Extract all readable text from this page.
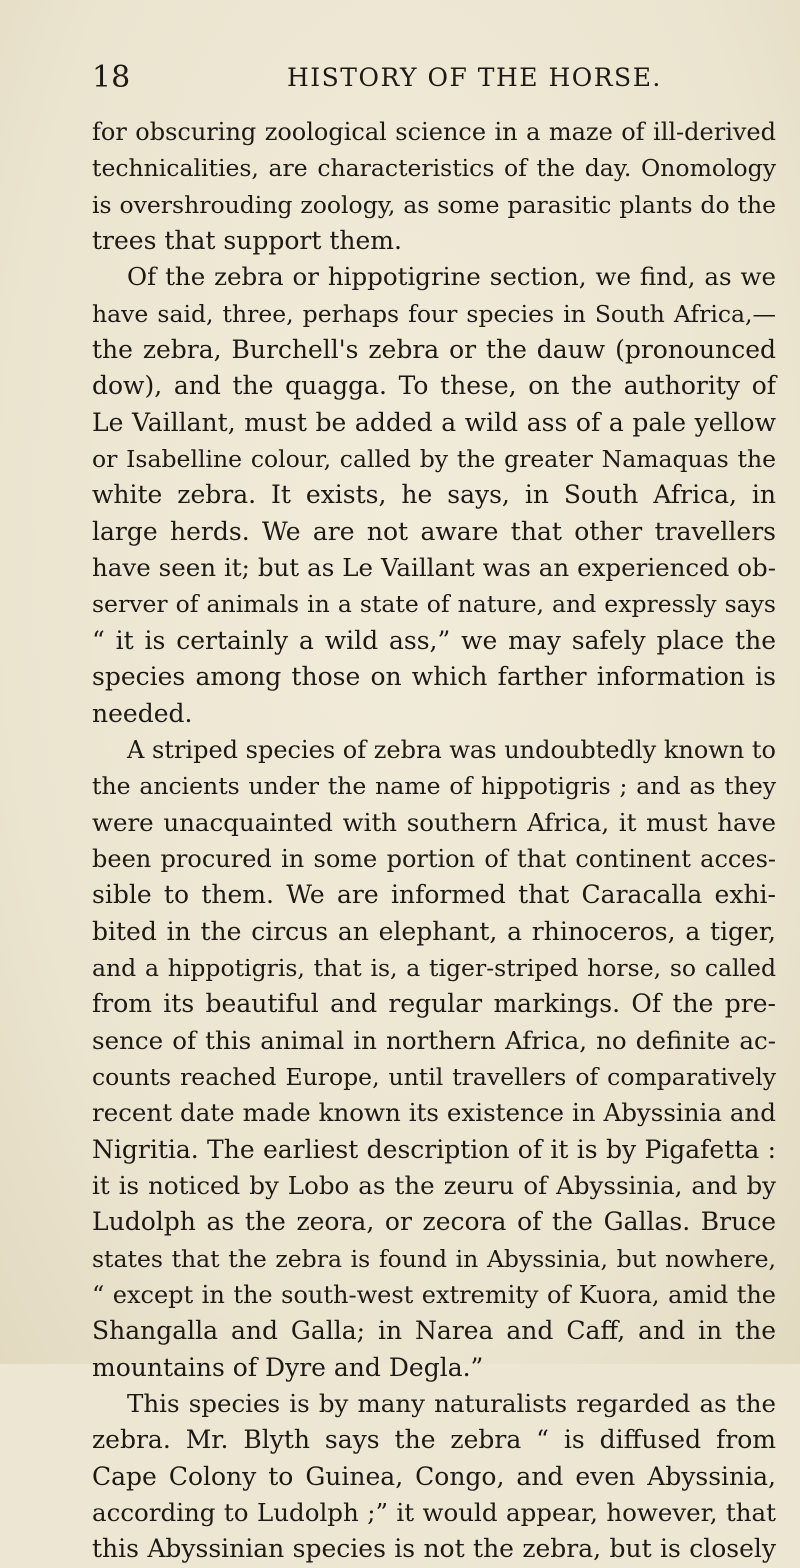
18	HISTORY OF THE HORSE.
for obscuring zoological science in a maze of ill-derived
technicalities, are characteristics of the day. Onomology
is overshrouding zoology, as some parasitic plants do the
trees that support them.
Of the zebra or hippotigrine section, we find, as we
have said, three, perhaps four species in South Africa,—
the zebra, Burchell's zebra or the dauw (pronounced
dow), and the quagga. To these, on the authority of
Le Vaillant, must be added a wild ass of a pale yellow
or Isabelline colour, called by the greater Namaquas the
white zebra. It exists, he says, in South Africa, in
large herds. We are not aware that other travellers
have seen it; but as Le Vaillant was an experienced ob-
server of animals in a state of nature, and expressly says
“ it is certainly a wild ass,” we may safely place the
species among those on which farther information is
needed.
A striped species of zebra was undoubtedly known to
the ancients under the name of hippotigris ; and as they
were unacquainted with southern Africa, it must have
been procured in some portion of that continent acces-
sible to them. We are informed that Caracalla exhi-
bited in the circus an elephant, a rhinoceros, a tiger,
and a hippotigris, that is, a tiger-striped horse, so called
from its beautiful and regular markings. Of the pre-
sence of this animal in northern Africa, no definite ac-
counts reached Europe, until travellers of comparatively
recent date made known its existence in Abyssinia and
Nigritia. The earliest description of it is by Pigafetta :
it is noticed by Lobo as the zeuru of Abyssinia, and by
Ludolph as the zeora, or zecora of the Gallas. Bruce
states that the zebra is found in Abyssinia, but nowhere,
“ except in the south-west extremity of Kuora, amid the
Shangalla and Galla; in Narea and Caff, and in the
mountains of Dyre and Degla.”
This species is by many naturalists regarded as the
zebra. Mr. Blyth says the zebra “ is diffused from
Cape Colony to Guinea, Congo, and even Abyssinia,
according to Ludolph ;” it would appear, however, that
this Abyssinian species is not the zebra, but is closely
